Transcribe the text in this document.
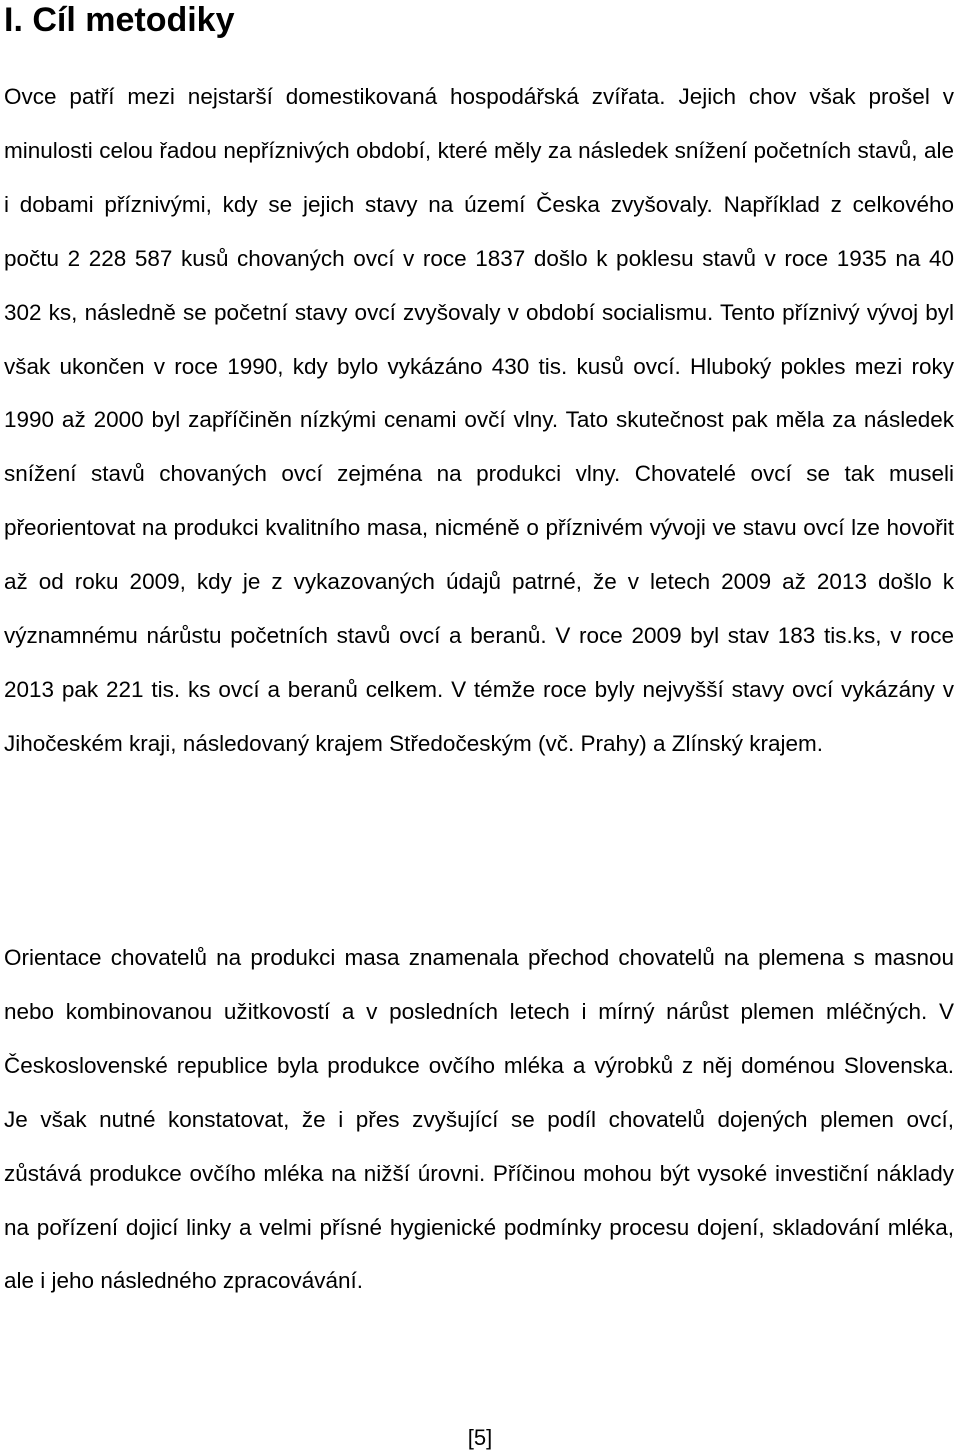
I. Cíl metodiky

Ovce patří mezi nejstarší domestikovaná hospodářská zvířata. Jejich chov však prošel v minulosti celou řadou nepříznivých období, které měly za následek snížení početních stavů, ale i dobami příznivými, kdy se jejich stavy na území Česka zvyšovaly. Například z celkového počtu 2 228 587 kusů chovaných ovcí v roce 1837 došlo k poklesu stavů v roce 1935 na 40 302 ks, následně se početní stavy ovcí zvyšovaly v období socialismu. Tento příznivý vývoj byl však ukončen v roce 1990, kdy bylo vykázáno 430 tis. kusů ovcí. Hluboký pokles mezi roky 1990 až 2000 byl zapříčiněn nízkými cenami ovčí vlny. Tato skutečnost pak měla za následek snížení stavů chovaných ovcí zejména na produkci vlny. Chovatelé ovcí se tak museli přeorientovat na produkci kvalitního masa, nicméně o příznivém vývoji ve stavu ovcí lze hovořit až od roku 2009, kdy je z vykazovaných údajů patrné, že v letech 2009 až 2013 došlo k významnému nárůstu početních stavů ovcí a beranů. V roce 2009 byl stav 183 tis.ks, v roce 2013 pak 221 tis. ks ovcí a beranů celkem. V témže roce byly nejvyšší stavy ovcí vykázány v Jihočeském kraji, následovaný krajem Středočeským (vč. Prahy) a Zlínský krajem.

Orientace chovatelů na produkci masa znamenala přechod chovatelů na plemena s masnou nebo kombinovanou užitkovostí a v posledních letech i mírný nárůst plemen mléčných. V Československé republice byla produkce ovčího mléka a výrobků z něj doménou Slovenska. Je však nutné konstatovat, že i přes zvyšující se podíl chovatelů dojených plemen ovcí, zůstává produkce ovčího mléka na nižší úrovni. Příčinou mohou být vysoké investiční náklady na pořízení dojicí linky a velmi přísné hygienické podmínky procesu dojení, skladování mléka, ale i jeho následného zpracovávání.

[5]
